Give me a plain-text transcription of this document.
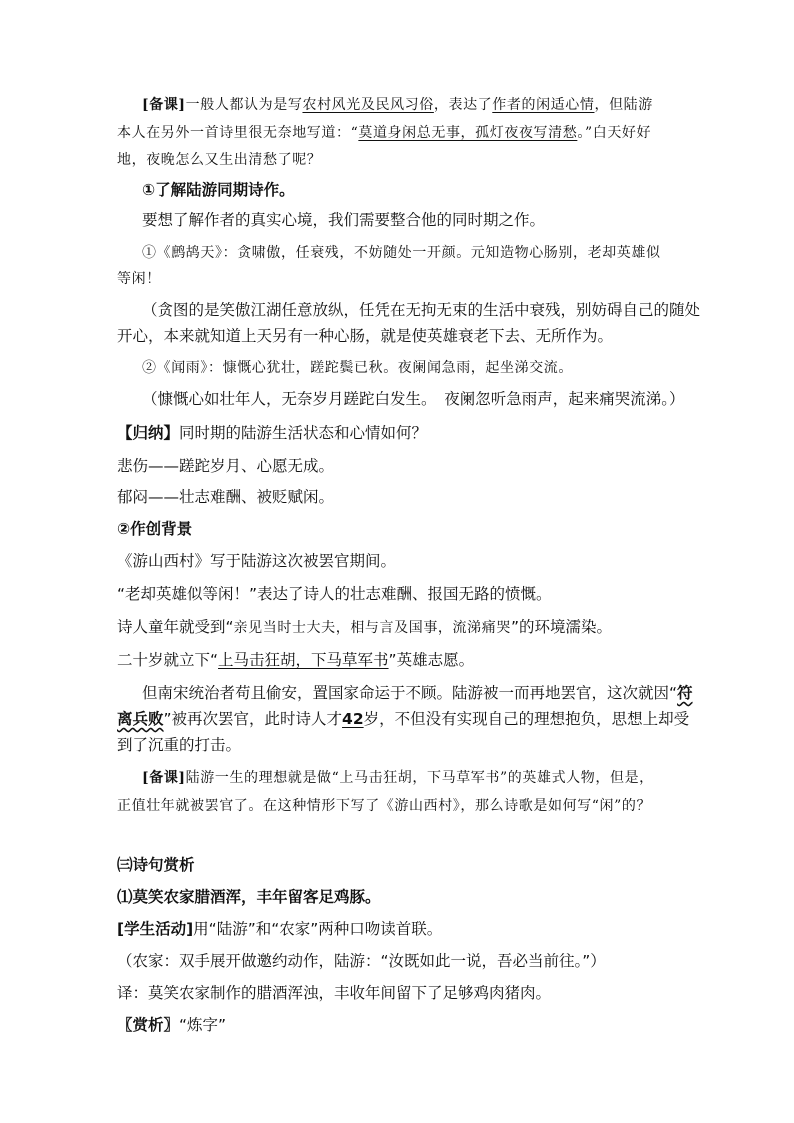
[备课]一般人都认为是写农村风光及民风习俗，表达了作者的闲适心情，但陆游
本人在另外一首诗里很无奈地写道：“莫道身闲总无事，孤灯夜夜写清愁。”白天好好
地，夜晚怎么又生出清愁了呢？
①了解陆游同期诗作。
要想了解作者的真实心境，我们需要整合他的同时期之作。
①《鹧鸪天》：贪啸傲，任衰残，不妨随处一开颜。元知造物心肠别，老却英雄似
等闲！
（贪图的是笑傲江湖任意放纵，任凭在无拘无束的生活中衰残，别妨碍自己的随处
开心，本来就知道上天另有一种心肠，就是使英雄衰老下去、无所作为。
②《闻雨》：慷慨心犹壮，蹉跎鬓已秋。夜阑闻急雨，起坐涕交流。
（慷慨心如壮年人，无奈岁月蹉跎白发生。　夜阑忽听急雨声，起来痛哭流涕。）
【归纳】同时期的陆游生活状态和心情如何？
悲伤——蹉跎岁月、心愿无成。
郁闷——壮志难酬、被贬赋闲。
②作创背景
《游山西村》写于陆游这次被罢官期间。
“老却英雄似等闲！”表达了诗人的壮志难酬、报国无路的愤慨。
诗人童年就受到“亲见当时士大夫，相与言及国事，流涕痛哭”的环境濡染。
二十岁就立下“上马击狂胡，下马草军书”英雄志愿。
但南宋统治者苟且偷安，置国家命运于不顾。陆游被一而再地罢官，这次就因“符
离兵败”被再次罢官，此时诗人才42岁，不但没有实现自己的理想抱负，思想上却受
到了沉重的打击。
[备课]陆游一生的理想就是做“上马击狂胡，下马草军书”的英雄式人物，但是，
正值壮年就被罢官了。在这种情形下写了《游山西村》，那么诗歌是如何写“闲”的？
㈢诗句赏析
⑴莫笑农家腊酒浑，丰年留客足鸡豚。
[学生活动]用“陆游”和“农家”两种口吻读首联。
（农家：双手展开做邀约动作，陆游：“汝既如此一说，吾必当前往。”）
译：莫笑农家制作的腊酒浑浊，丰收年间留下了足够鸡肉猪肉。
〖赏析〗“炼字”
